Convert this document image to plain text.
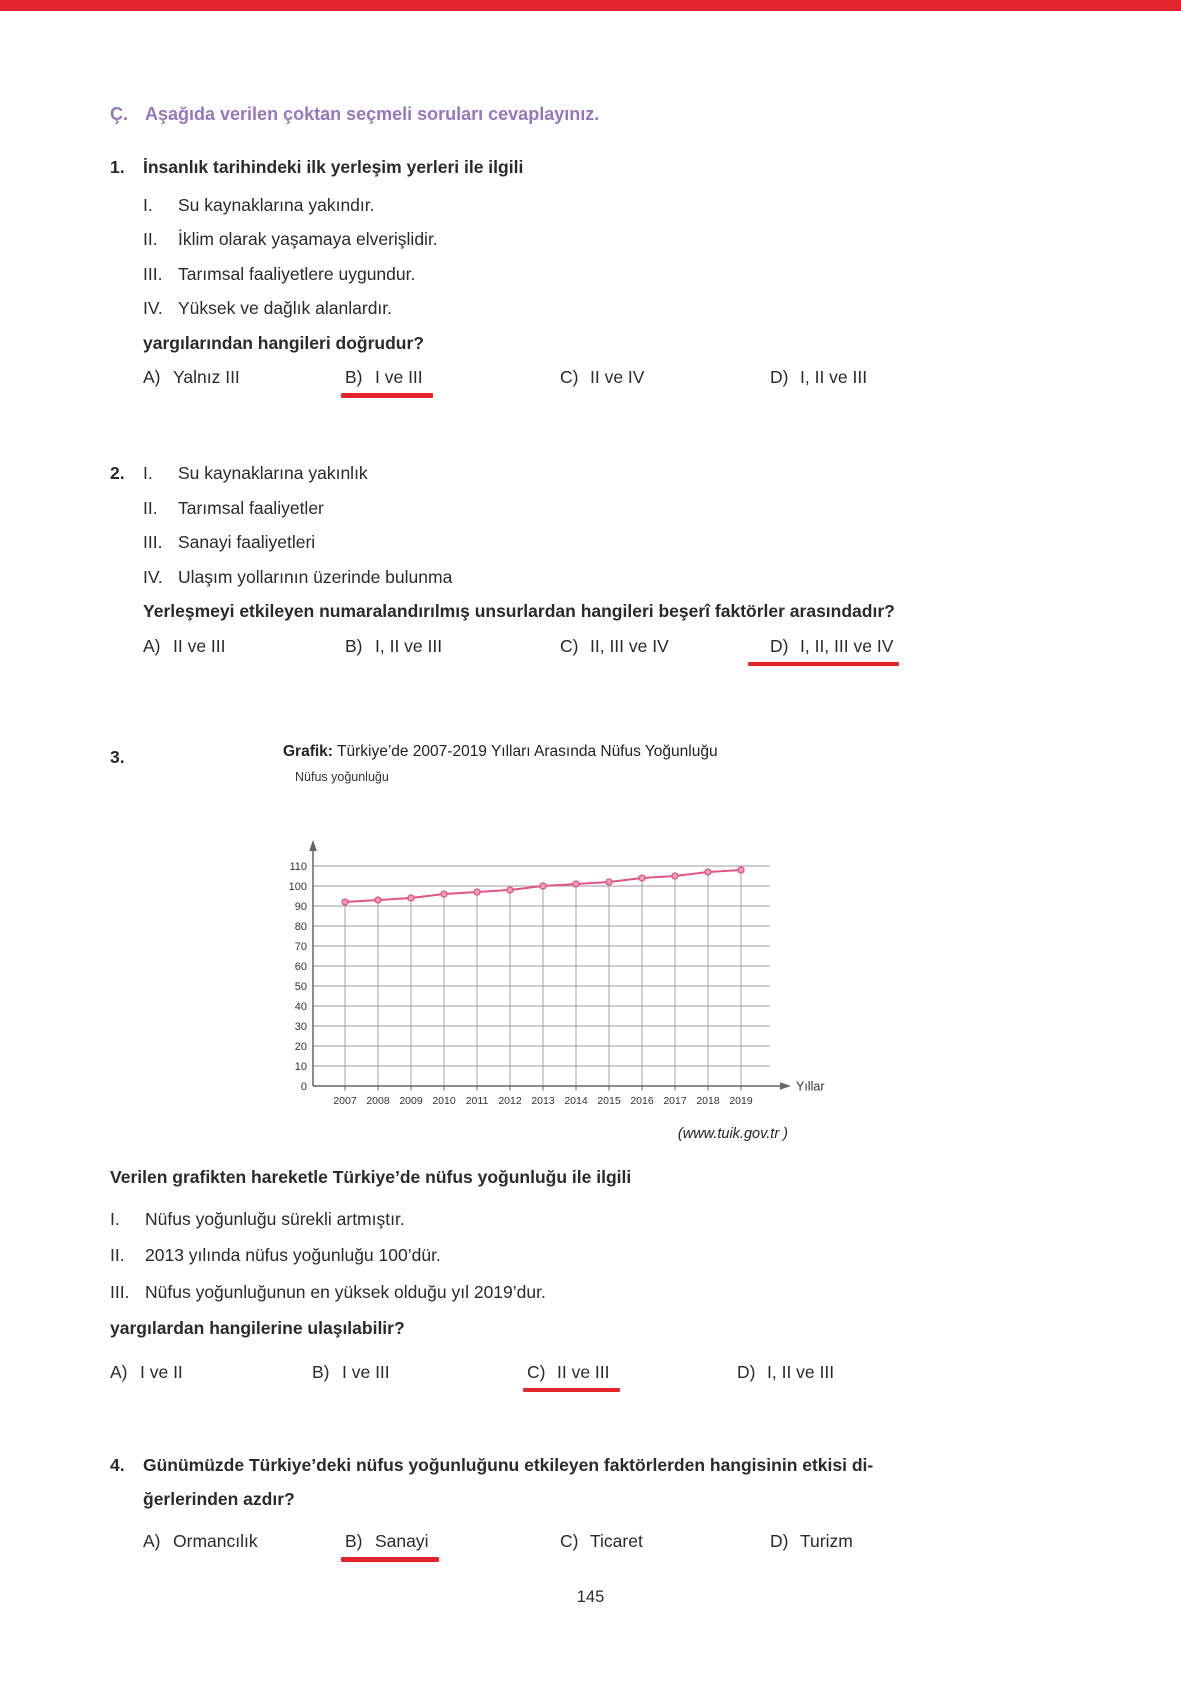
Ç. Aşağıda verilen çoktan seçmeli soruları cevaplayınız.
1.	İnsanlık tarihindeki ilk yerleşim yerleri ile ilgili
I.	Su kaynaklarına yakındır.
II.	İklim olarak yaşamaya elverişlidir.
III. Tarımsal faaliyetlere uygundur.
IV. Yüksek ve dağlık alanlardır.
yargılarından hangileri doğrudur?
A) Yalnız III	B) I ve III	C) II ve IV	D) I, II ve III
2.	I.	Su kaynaklarına yakınlık
II.	Tarımsal faaliyetler
III. Sanayi faaliyetleri
IV. Ulaşım yollarının üzerinde bulunma
Yerleşmeyi etkileyen numaralandırılmış unsurlardan hangileri beşerî faktörler arasındadır?
A) II ve III	B) I, II ve III	C) II, III ve IV	D) I, II, III ve IV
3.	Grafik: Türkiye’de 2007-2019 Yılları Arasında Nüfus Yoğunluğu
Nüfus yoğunluğu
0
10
20
30
40
50
60
70
80
90
100
110
2007 2008 2009 2010 2011 2012 2013 2014 2015 2016 2017 2018 2019
Yıllar
(www.tuik.gov.tr )
Verilen grafikten hareketle Türkiye’de nüfus yoğunluğu ile ilgili
I.	Nüfus yoğunluğu sürekli artmıştır.
II.	2013 yılında nüfus yoğunluğu 100’dür.
III. Nüfus yoğunluğunun en yüksek olduğu yıl 2019’dur.
yargılardan hangilerine ulaşılabilir?
A) I ve II	B) I ve III	C) II ve III	D) I, II ve III
4.	Günümüzde Türkiye’deki nüfus yoğunluğunu etkileyen faktörlerden hangisinin etkisi di-
ğerlerinden azdır?
A) Ormancılık	B) Sanayi	C) Ticaret	D) Turizm
145
